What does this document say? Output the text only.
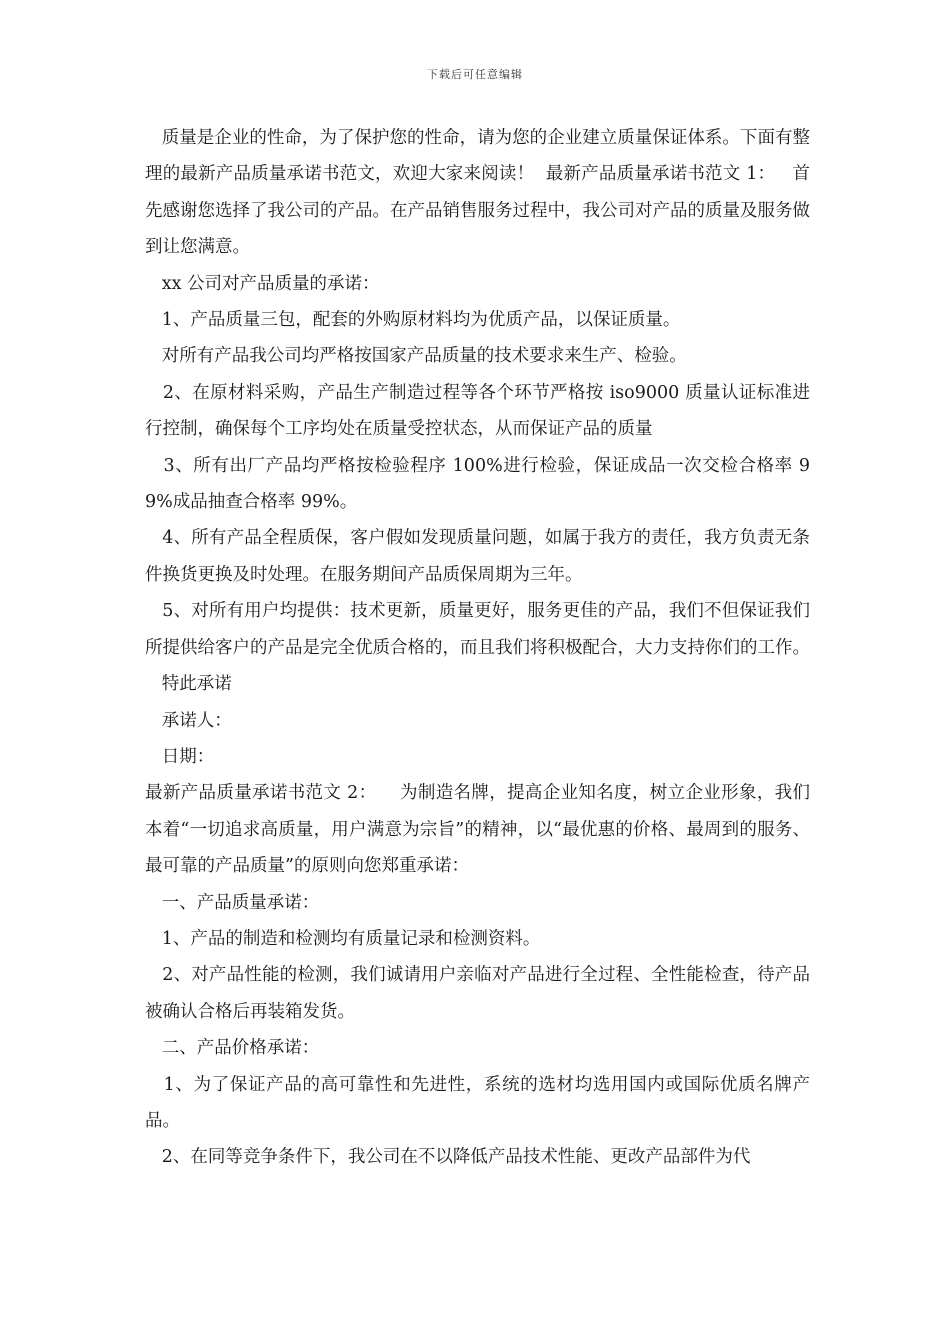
下载后可任意编辑

质量是企业的性命，为了保护您的性命，请为您的企业建立质量保证体系。下面有整理的最新产品质量承诺书范文，欢迎大家来阅读！  最新产品质量承诺书范文 1：   首先感谢您选择了我公司的产品。在产品销售服务过程中，我公司对产品的质量及服务做到让您满意。

xx 公司对产品质量的承诺：

1、产品质量三包，配套的外购原材料均为优质产品，以保证质量。

对所有产品我公司均严格按国家产品质量的技术要求来生产、检验。

2、在原材料采购，产品生产制造过程等各个环节严格按 iso9000 质量认证标准进行控制，确保每个工序均处在质量受控状态，从而保证产品的质量

3、所有出厂产品均严格按检验程序 100%进行检验，保证成品一次交检合格率 99%成品抽查合格率 99%。

4、所有产品全程质保，客户假如发现质量问题，如属于我方的责任，我方负责无条件换货更换及时处理。在服务期间产品质保周期为三年。

5、对所有用户均提供：技术更新，质量更好，服务更佳的产品，我们不但保证我们所提供给客户的产品是完全优质合格的，而且我们将积极配合，大力支持你们的工作。

特此承诺

承诺人：

日期：

最新产品质量承诺书范文 2：    为制造名牌，提高企业知名度，树立企业形象，我们本着“一切追求高质量，用户满意为宗旨”的精神，以“最优惠的价格、最周到的服务、最可靠的产品质量”的原则向您郑重承诺：

一、产品质量承诺：

1、产品的制造和检测均有质量记录和检测资料。

2、对产品性能的检测，我们诚请用户亲临对产品进行全过程、全性能检查，待产品被确认合格后再装箱发货。

二、产品价格承诺：

1、为了保证产品的高可靠性和先进性，系统的选材均选用国内或国际优质名牌产品。

2、在同等竞争条件下，我公司在不以降低产品技术性能、更改产品部件为代
